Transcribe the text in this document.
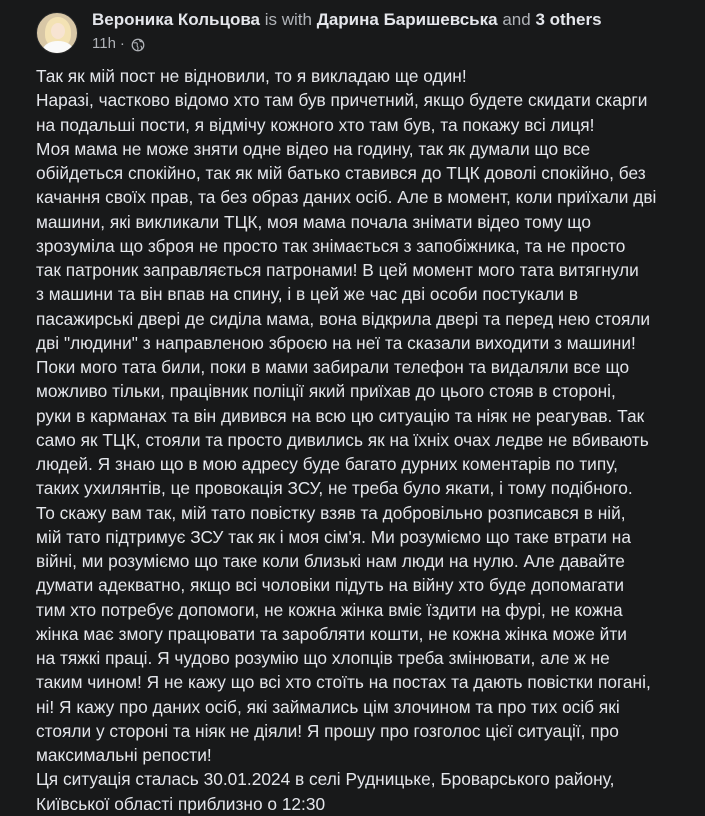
Вероника Кольцова is with Дарина Баришевська and 3 others
11h ·
Так як мій пост не відновили, то я викладаю ще один!
Наразі, частково відомо хто там був причетний, якщо будете скидати скарги
на подальші пости, я відмічу кожного хто там був, та покажу всі лиця!
Моя мама не може зняти одне відео на годину, так як думали що все
обійдеться спокійно, так як мій батько ставився до ТЦК доволі спокійно, без
качання своїх прав, та без образ даних осіб. Але в момент, коли приїхали дві
машини, які викликали ТЦК, моя мама почала знімати відео тому що
зрозуміла що зброя не просто так знімається з запобіжника, та не просто
так патроник заправляється патронами! В цей момент мого тата витягнули
з машини та він впав на спину, і в цей же час дві особи постукали в
пасажирські двері де сиділа мама, вона відкрила двері та перед нею стояли
дві "людини" з направленою зброєю на неї та сказали виходити з машини!
Поки мого тата били, поки в мами забирали телефон та видаляли все що
можливо тільки, працівник поліції який приїхав до цього стояв в стороні,
руки в карманах та він дивився на всю цю ситуацію та ніяк не реагував. Так
само як ТЦК, стояли та просто дивились як на їхніх очах ледве не вбивають
людей. Я знаю що в мою адресу буде багато дурних коментарів по типу,
таких ухилянтів, це провокація ЗСУ, не треба було якати, і тому подібного.
То скажу вам так, мій тато повістку взяв та добровільно розписався в ній,
мій тато підтримує ЗСУ так як і моя сім'я. Ми розуміємо що таке втрати на
війні, ми розуміємо що таке коли близькі нам люди на нулю. Але давайте
думати адекватно, якщо всі чоловіки підуть на війну хто буде допомагати
тим хто потребує допомоги, не кожна жінка вміє їздити на фурі, не кожна
жінка має змогу працювати та заробляти кошти, не кожна жінка може йти
на тяжкі праці. Я чудово розумію що хлопців треба змінювати, але ж не
таким чином! Я не кажу що всі хто стоїть на постах та дають повістки погані,
ні! Я кажу про даних осіб, які займались цім злочином та про тих осіб які
стояли у стороні та ніяк не діяли! Я прошу про гозголос цієї ситуації, про
максимальні репости!
Ця ситуація сталась 30.01.2024 в селі Рудницьке, Броварського району,
Київської області приблизно о 12:30
